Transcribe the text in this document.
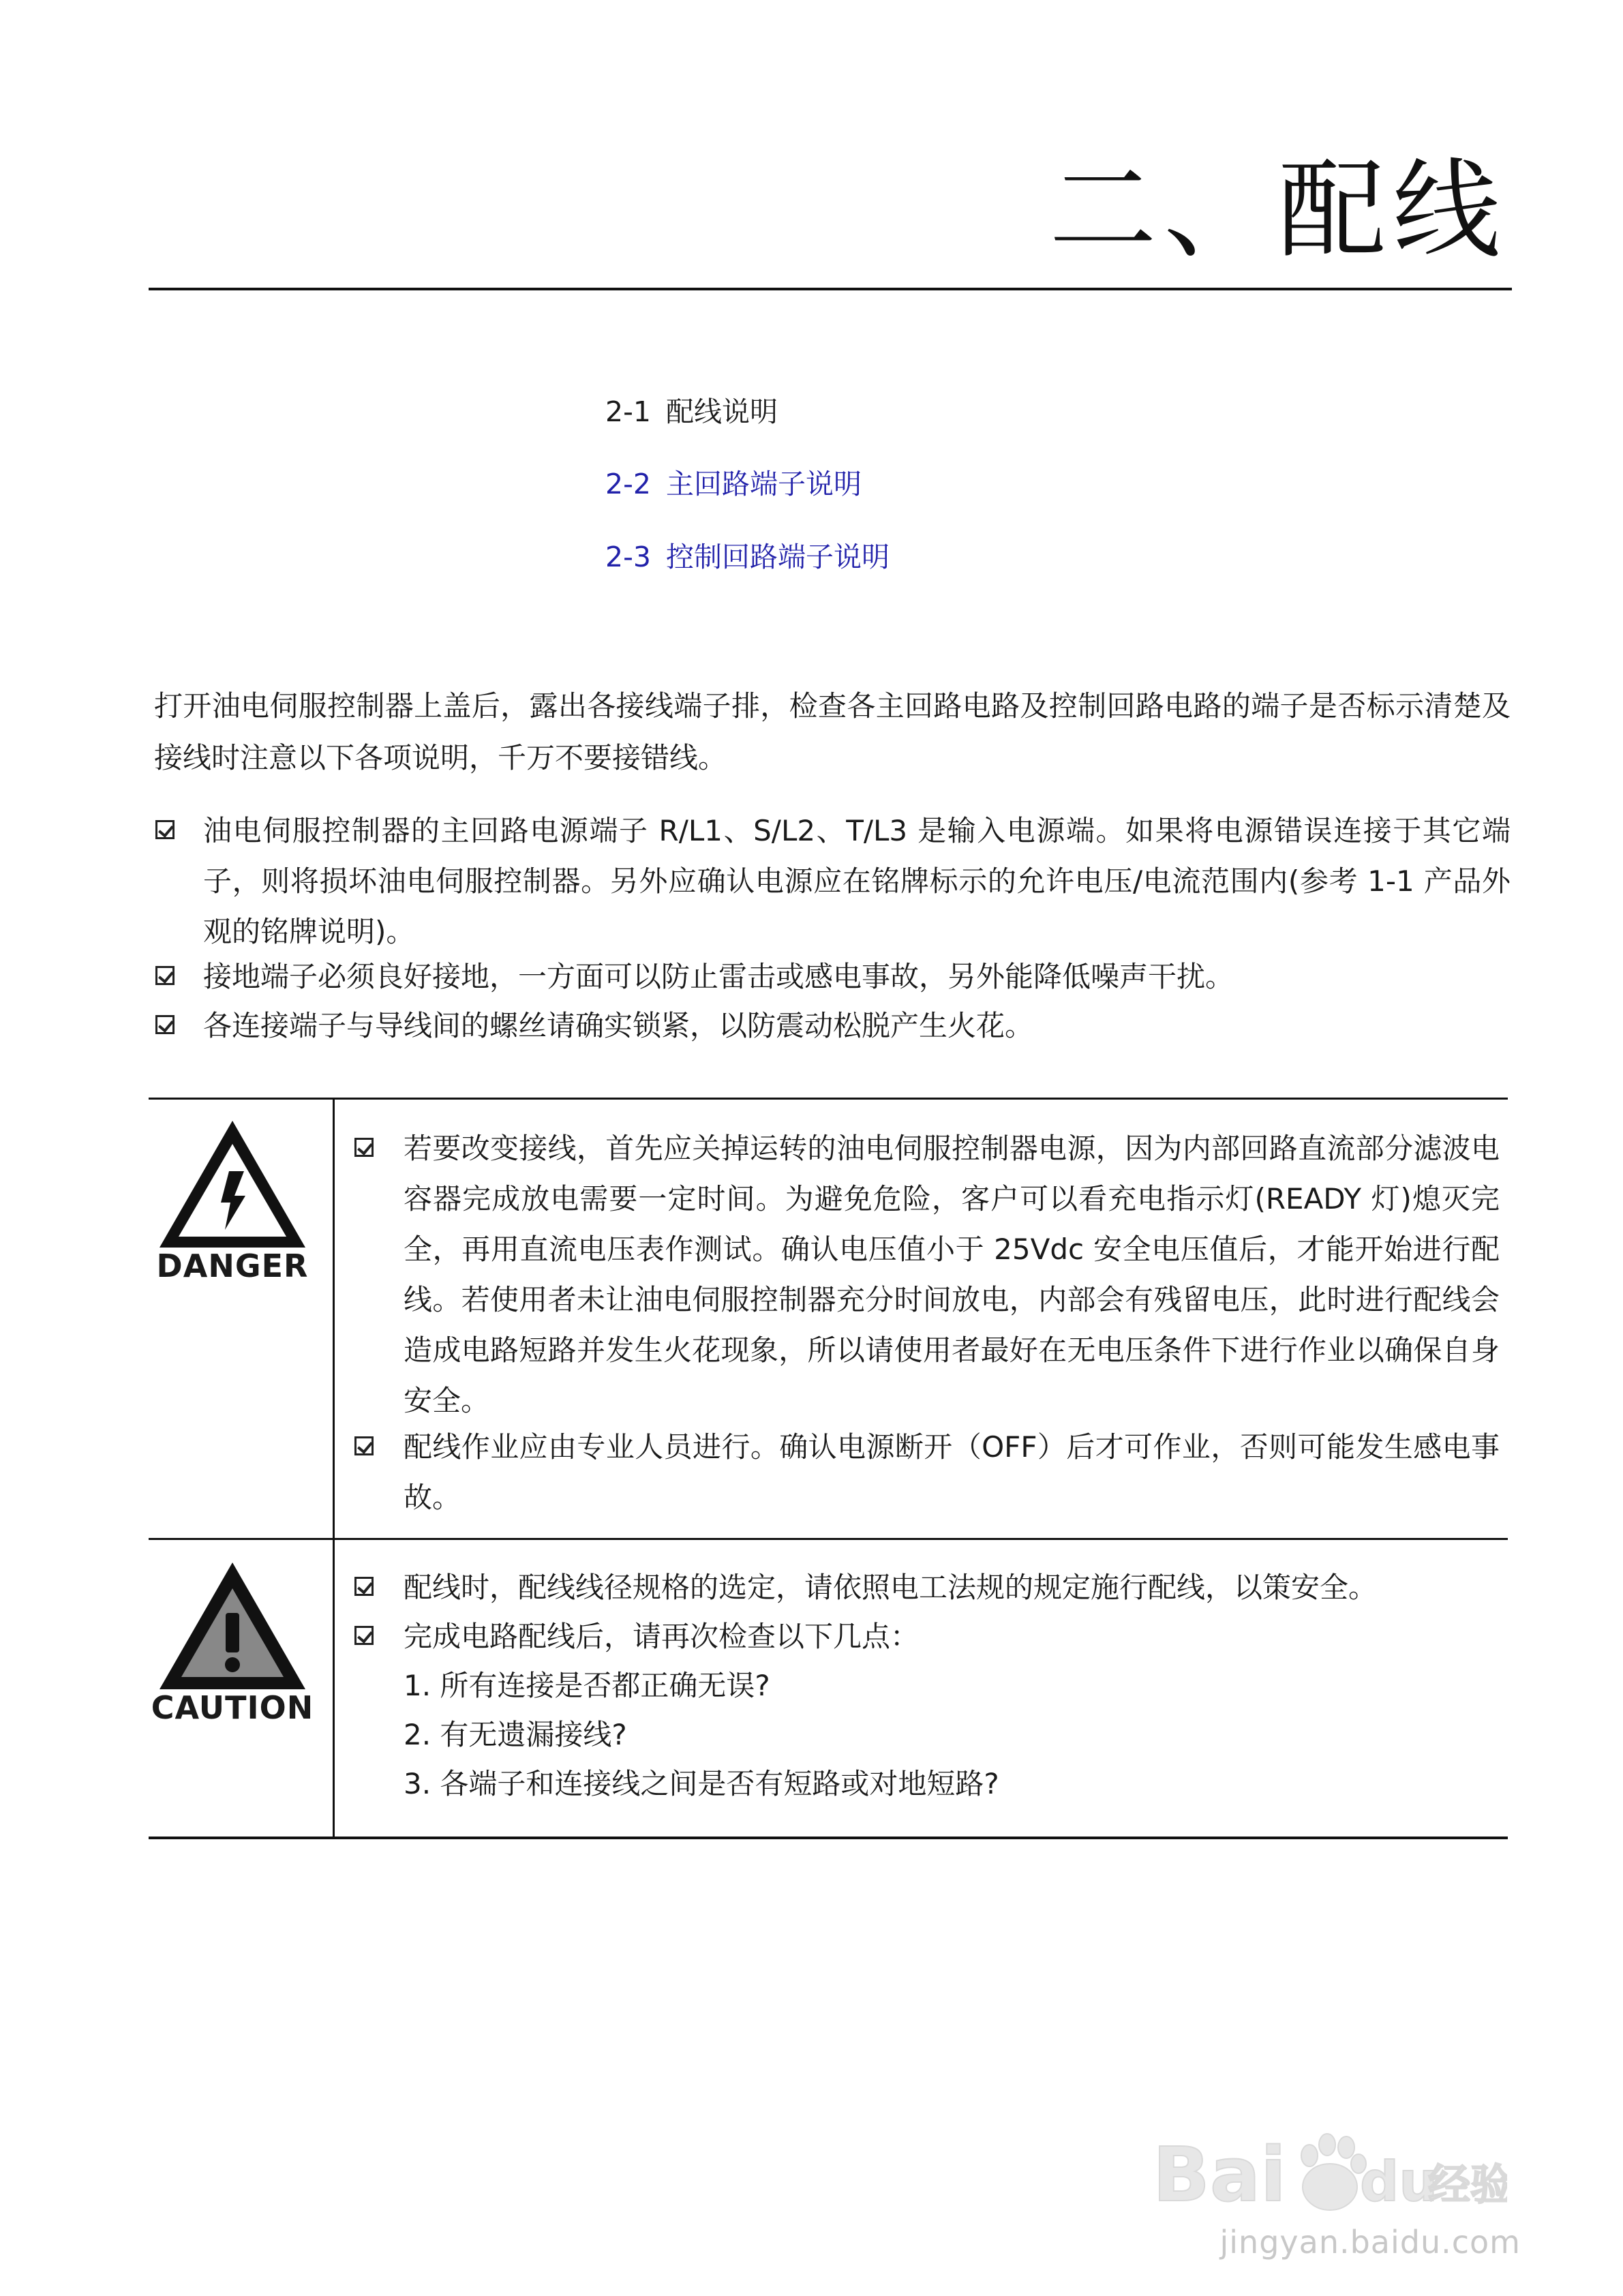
二、配线
2-1 配线说明
2-2 主回路端子说明
2-3 控制回路端子说明
打开油电伺服控制器上盖后，露出各接线端子排，检查各主回路电路及控制回路电路的端子是否标示清楚及接线时注意以下各项说明，千万不要接错线。
油电伺服控制器的主回路电源端子 R/L1、S/L2、T/L3 是输入电源端。如果将电源错误连接于其它端子，则将损坏油电伺服控制器。另外应确认电源应在铭牌标示的允许电压/电流范围内(参考 1-1 产品外观的铭牌说明)。
接地端子必须良好接地，一方面可以防止雷击或感电事故，另外能降低噪声干扰。
各连接端子与导线间的螺丝请确实锁紧，以防震动松脱产生火花。
DANGER
若要改变接线，首先应关掉运转的油电伺服控制器电源，因为内部回路直流部分滤波电容器完成放电需要一定时间。为避免危险，客户可以看充电指示灯(READY 灯)熄灭完全，再用直流电压表作测试。确认电压值小于 25Vdc 安全电压值后，才能开始进行配线。若使用者未让油电伺服控制器充分时间放电，内部会有残留电压，此时进行配线会造成电路短路并发生火花现象，所以请使用者最好在无电压条件下进行作业以确保自身安全。
配线作业应由专业人员进行。确认电源断开（OFF）后才可作业，否则可能发生感电事故。
CAUTION
配线时，配线线径规格的选定，请依照电工法规的规定施行配线，以策安全。
完成电路配线后，请再次检查以下几点：
1. 所有连接是否都正确无误?
2. 有无遗漏接线?
3. 各端子和连接线之间是否有短路或对地短路?
Bai du
经验
jingyan.baidu.com
